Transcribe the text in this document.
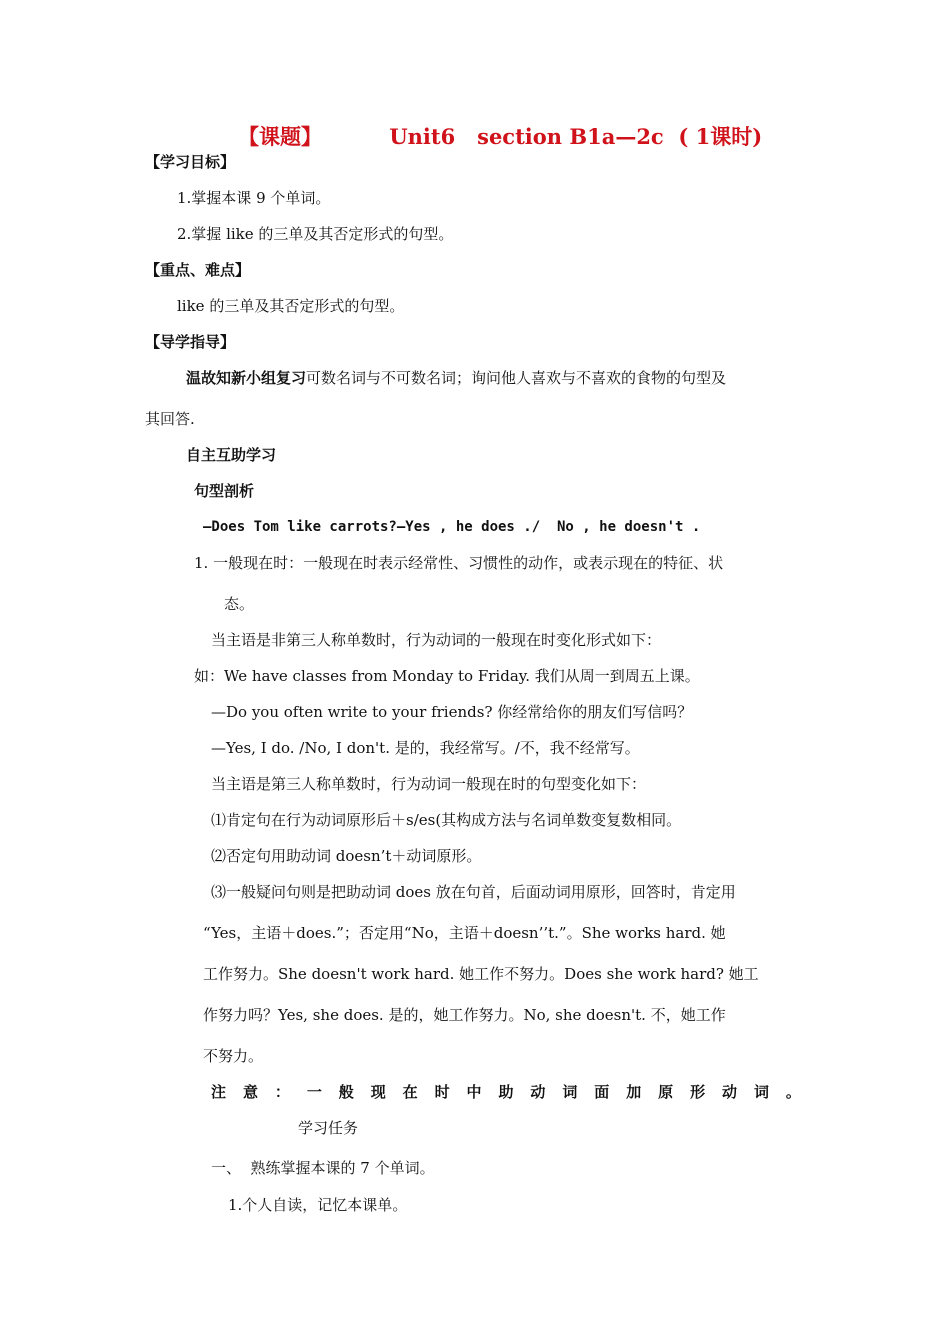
【课题】	Unit6   section B1a—2c  ( 1课时)
【学习目标】
1.掌握本课 9 个单词。
2.掌握 like 的三单及其否定形式的句型。
【重点、难点】
like 的三单及其否定形式的句型。
【导学指导】
温故知新小组复习可数名词与不可数名词；询问他人喜欢与不喜欢的食物的句型及
其回答.
自主互助学习
句型剖析
—Does Tom like carrots?—Yes , he does ./  No , he doesn't .
1. 一般现在时：一般现在时表示经常性、习惯性的动作，或表示现在的特征、状
态。
当主语是非第三人称单数时，行为动词的一般现在时变化形式如下：
如：We have classes from Monday to Friday. 我们从周一到周五上课。
—Do you often write to your friends? 你经常给你的朋友们写信吗？
—Yes, I do. /No, I don't. 是的，我经常写。/不，我不经常写。
当主语是第三人称单数时，行为动词一般现在时的句型变化如下：
⑴肯定句在行为动词原形后＋s/es(其构成方法与名词单数变复数相同。
⑵否定句用助动词 doesn’t＋动词原形。
⑶一般疑问句则是把助动词 does 放在句首，后面动词用原形，回答时，肯定用
“Yes，主语＋does.”；否定用“No，主语＋doesn’’t.”。She works hard. 她
工作努力。She doesn't work hard. 她工作不努力。Does she work hard? 她工
作努力吗？Yes, she does. 是的，她工作努力。No, she doesn't. 不，她工作
不努力。
注 意 ： 一 般 现 在 时 中 助 动 词 面 加 原 形 动 词 。
学习任务
一、  熟练掌握本课的 7 个单词。
1.个人自读，记忆本课单。
